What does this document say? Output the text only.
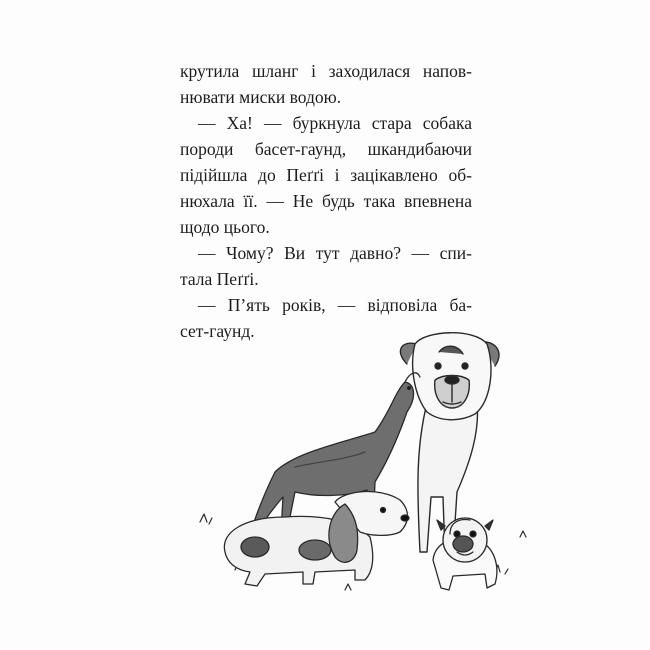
крутила шланг і заходилася напов-
нювати миски водою.
— Ха! — буркнула стара собака
породи басет-гаунд, шкандибаючи
підійшла до Пеґґі і зацікавлено об-
нюхала її. — Не будь така впевнена
щодо цього.
— Чому? Ви тут давно? — спи-
тала Пеґґі.
— П’ять років, — відповіла ба-
сет-гаунд.
